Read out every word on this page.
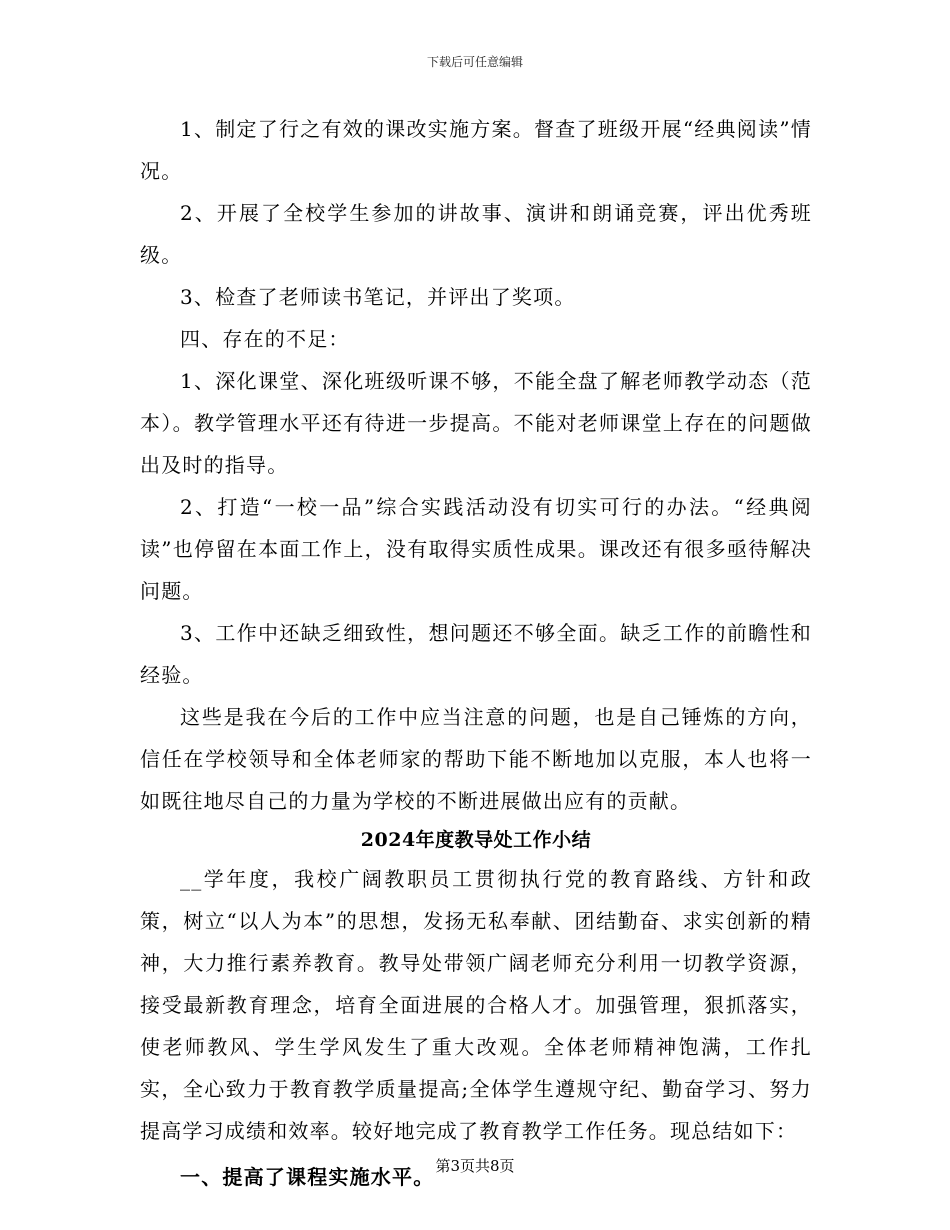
下载后可任意编辑

1、制定了行之有效的课改实施方案。督查了班级开展“经典阅读”情况。

2、开展了全校学生参加的讲故事、演讲和朗诵竞赛，评出优秀班级。

3、检查了老师读书笔记，并评出了奖项。

四、存在的不足：

1、深化课堂、深化班级听课不够，不能全盘了解老师教学动态（范本）。教学管理水平还有待进一步提高。不能对老师课堂上存在的问题做出及时的指导。

2、打造“一校一品”综合实践活动没有切实可行的办法。“经典阅读”也停留在本面工作上，没有取得实质性成果。课改还有很多亟待解决问题。

3、工作中还缺乏细致性，想问题还不够全面。缺乏工作的前瞻性和经验。

这些是我在今后的工作中应当注意的问题，也是自己锤炼的方向，信任在学校领导和全体老师家的帮助下能不断地加以克服，本人也将一如既往地尽自己的力量为学校的不断进展做出应有的贡献。

2024年度教导处工作小结

__学年度，我校广阔教职员工贯彻执行党的教育路线、方针和政策，树立“以人为本”的思想，发扬无私奉献、团结勤奋、求实创新的精神，大力推行素养教育。教导处带领广阔老师充分利用一切教学资源，接受最新教育理念，培育全面进展的合格人才。加强管理，狠抓落实，使老师教风、学生学风发生了重大改观。全体老师精神饱满，工作扎实，全心致力于教育教学质量提高;全体学生遵规守纪、勤奋学习、努力提高学习成绩和效率。较好地完成了教育教学工作任务。现总结如下：

一、提高了课程实施水平。 第3页共8页
